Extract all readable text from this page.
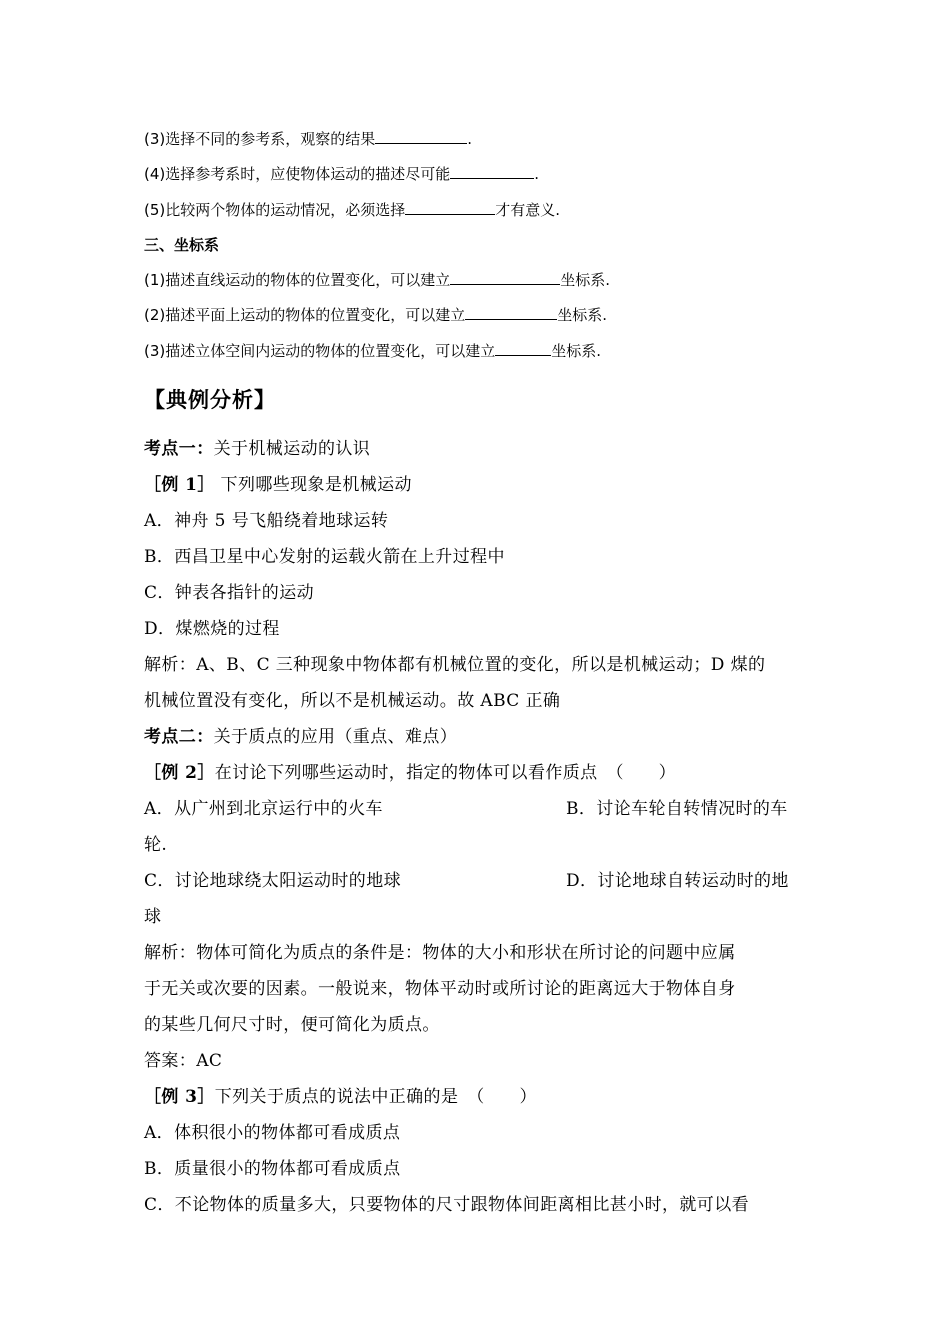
(3)选择不同的参考系，观察的结果	.
(4)选择参考系时，应使物体运动的描述尽可能	.
(5)比较两个物体的运动情况，必须选择	才有意义.
三、坐标系
(1)描述直线运动的物体的位置变化，可以建立	坐标系.
(2)描述平面上运动的物体的位置变化，可以建立	坐标系.
(3)描述立体空间内运动的物体的位置变化，可以建立	坐标系.
【典例分析】
考点一：关于机械运动的认识
［例 1］ 下列哪些现象是机械运动
A．神舟 5 号飞船绕着地球运转
B．西昌卫星中心发射的运载火箭在上升过程中
C．钟表各指针的运动
D．煤燃烧的过程
解析：A、B、C 三种现象中物体都有机械位置的变化，所以是机械运动；D 煤的
机械位置没有变化，所以不是机械运动。故 ABC 正确
考点二：关于质点的应用（重点、难点）
［例 2］在讨论下列哪些运动时，指定的物体可以看作质点　（　　）
A．从广州到北京运行中的火车	B．讨论车轮自转情况时的车
轮.
C．讨论地球绕太阳运动时的地球	D．讨论地球自转运动时的地
球
解析：物体可简化为质点的条件是：物体的大小和形状在所讨论的问题中应属
于无关或次要的因素。一般说来，物体平动时或所讨论的距离远大于物体自身
的某些几何尺寸时，便可简化为质点。
答案：AC
［例 3］下列关于质点的说法中正确的是　（　　）
A．体积很小的物体都可看成质点
B．质量很小的物体都可看成质点
C．不论物体的质量多大，只要物体的尺寸跟物体间距离相比甚小时，就可以看
